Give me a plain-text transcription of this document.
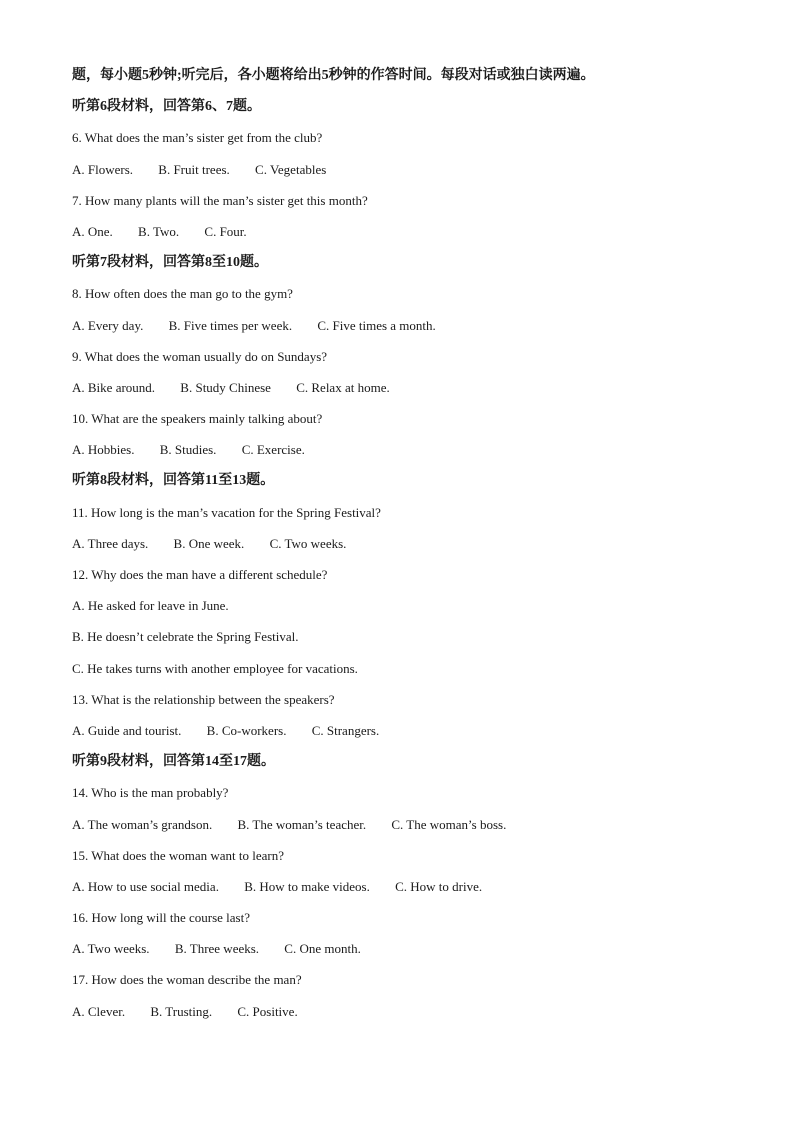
题，每小题5秒钟;听完后，各小题将给出5秒钟的作答时间。每段对话或独白读两遍。
听第6段材料，回答第6、7题。
6. What does the man’s sister get from the club?
A. Flowers. B. Fruit trees. C. Vegetables
7. How many plants will the man’s sister get this month?
A. One. B. Two. C. Four.
听第7段材料，回答第8至10题。
8. How often does the man go to the gym?
A. Every day. B. Five times per week. C. Five times a month.
9. What does the woman usually do on Sundays?
A. Bike around. B. Study Chinese C. Relax at home.
10. What are the speakers mainly talking about?
A. Hobbies. B. Studies. C. Exercise.
听第8段材料，回答第11至13题。
11. How long is the man’s vacation for the Spring Festival?
A. Three days. B. One week. C. Two weeks.
12. Why does the man have a different schedule?
A. He asked for leave in June.
B. He doesn’t celebrate the Spring Festival.
C. He takes turns with another employee for vacations.
13. What is the relationship between the speakers?
A. Guide and tourist. B. Co-workers. C. Strangers.
听第9段材料，回答第14至17题。
14. Who is the man probably?
A. The woman’s grandson. B. The woman’s teacher. C. The woman’s boss.
15. What does the woman want to learn?
A. How to use social media. B. How to make videos. C. How to drive.
16. How long will the course last?
A. Two weeks. B. Three weeks. C. One month.
17. How does the woman describe the man?
A. Clever. B. Trusting. C. Positive.
